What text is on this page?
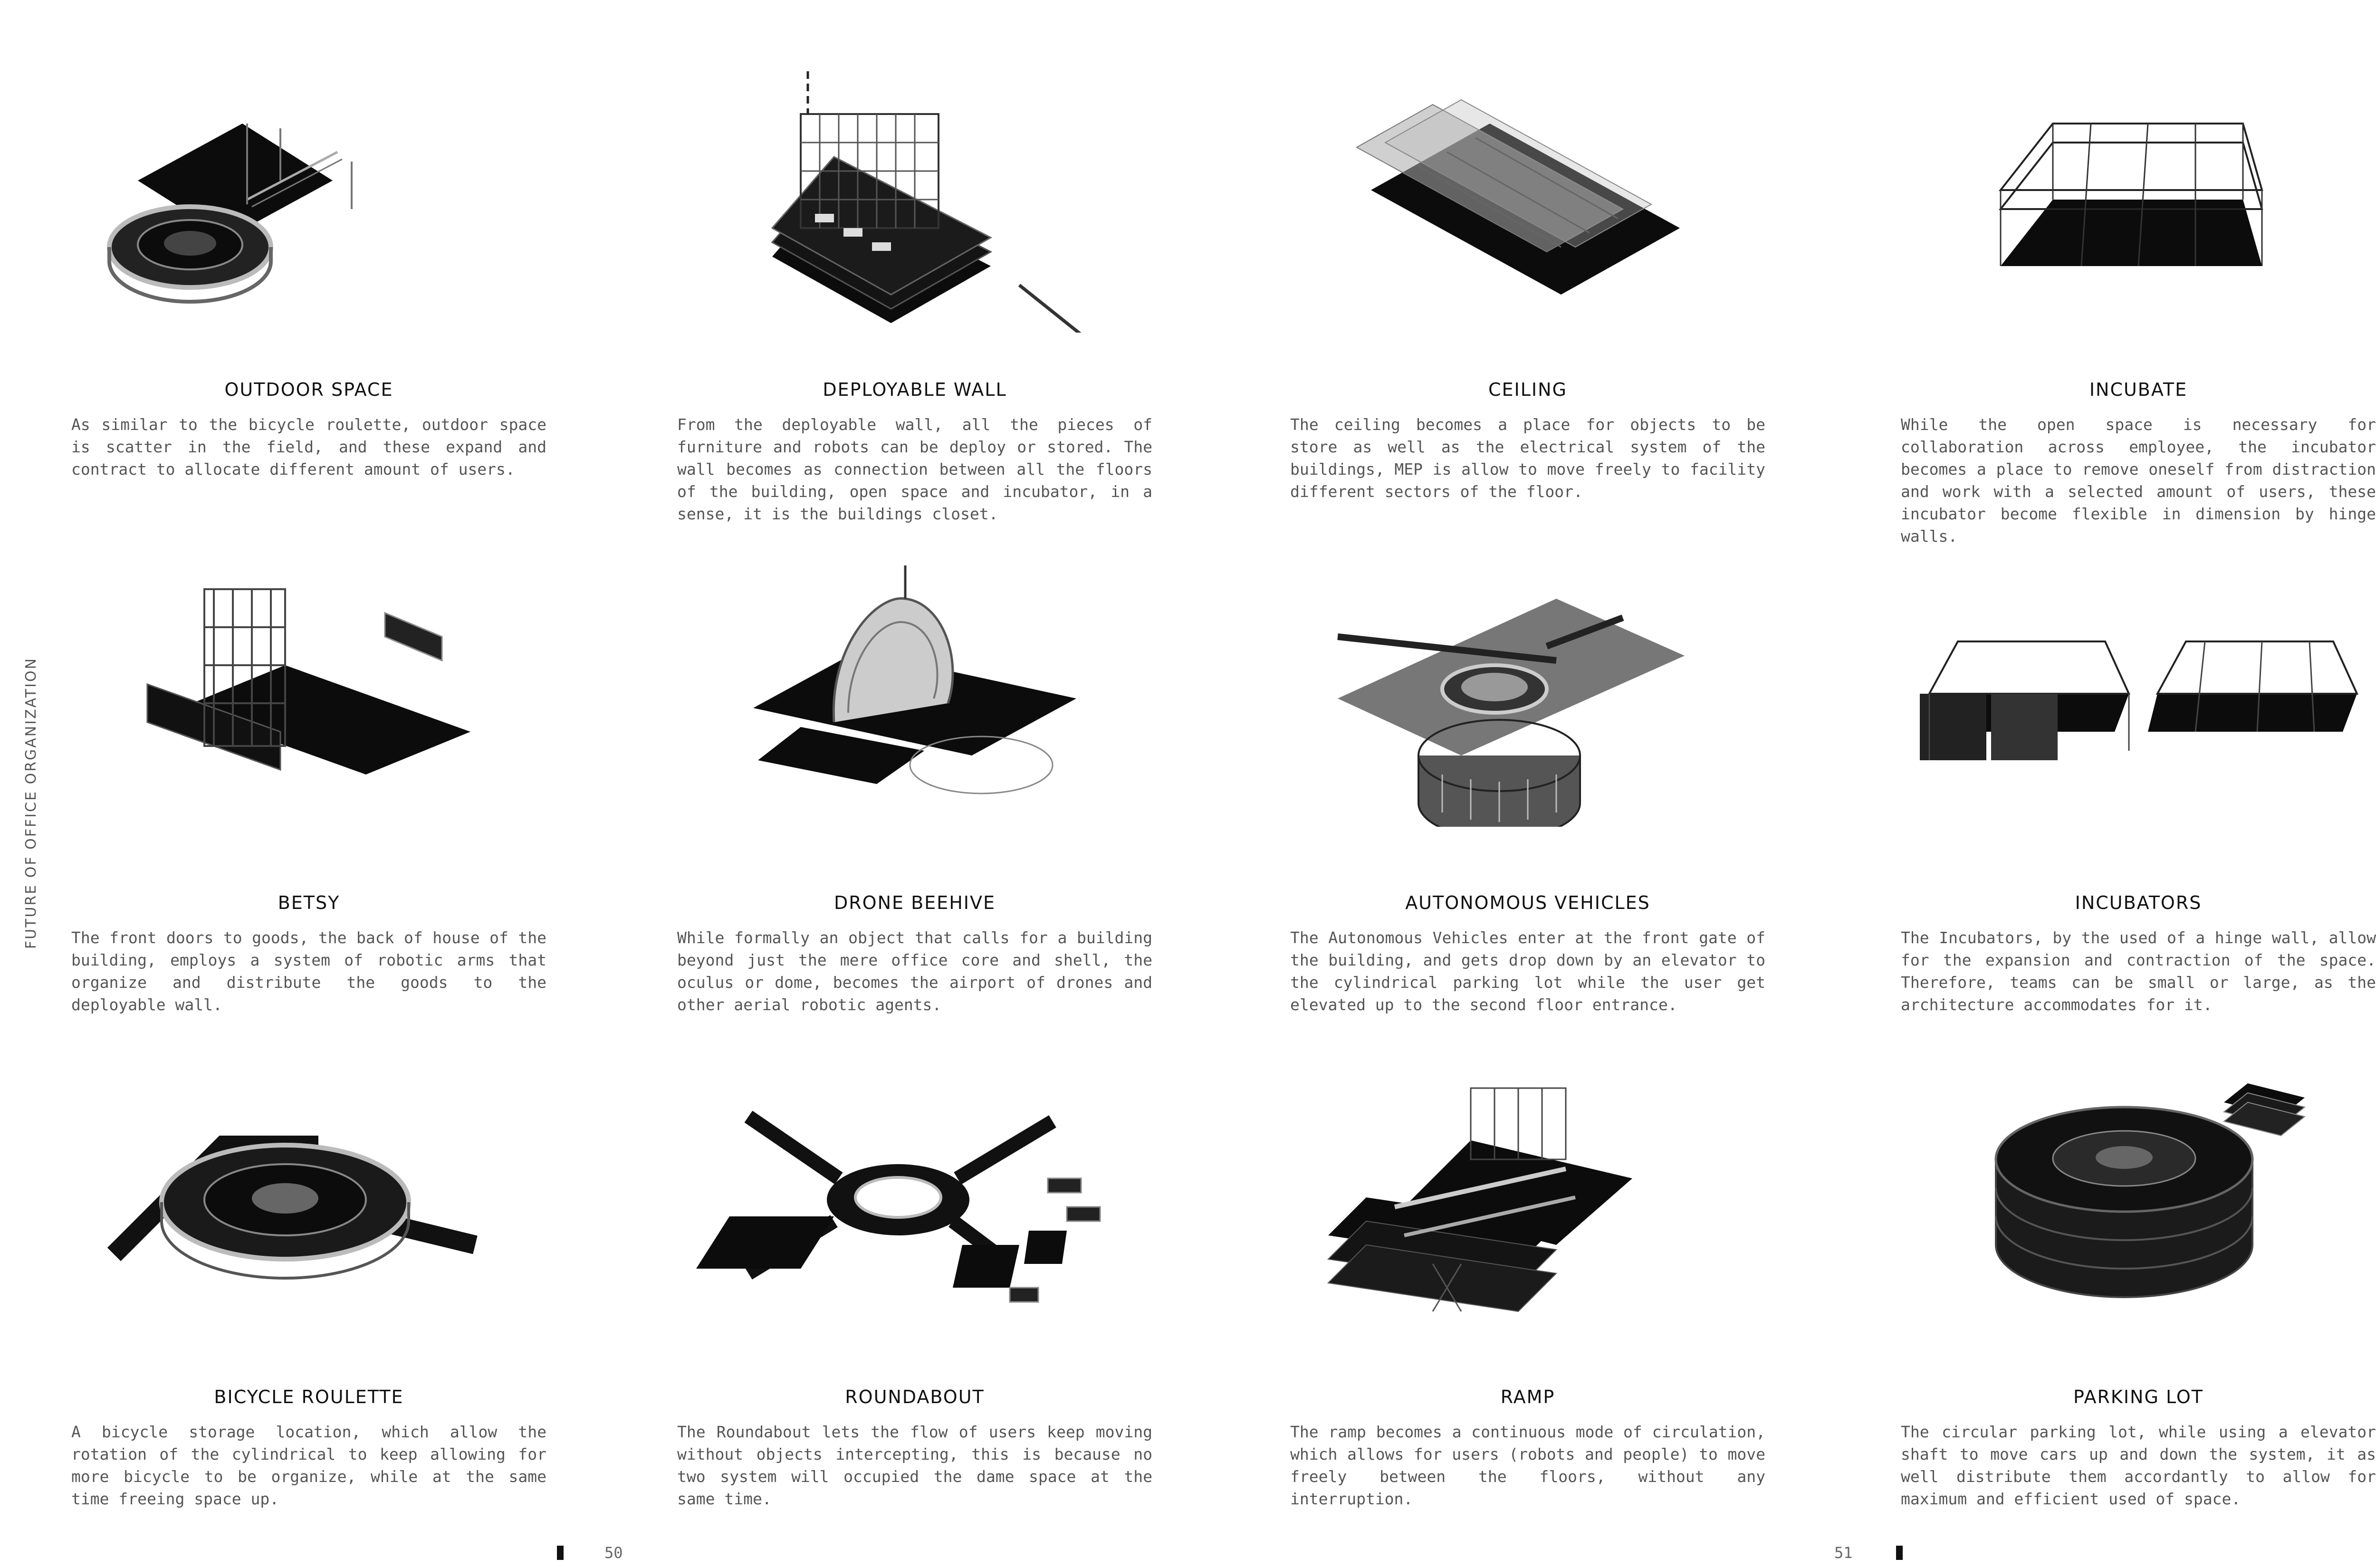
FUTURE OF OFFICE ORGANIZATION
OUTDOOR SPACE

As similar to the bicycle roulette, outdoor space is scatter in the field, and these expand and contract to allocate different amount of users.

DEPLOYABLE WALL

From the deployable wall, all the pieces of furniture and robots can be deploy or stored. The wall becomes as connection between all the floors of the building, open space and incubator, in a sense, it is the buildings closet.

CEILING

The ceiling becomes a place for objects to be store as well as the electrical system of the buildings, MEP is allow to move freely to facility different sectors of the floor.

INCUBATE

While the open space is necessary for collaboration across employee, the incubator becomes a place to remove oneself from distraction and work with a selected amount of users, these incubator become flexible in dimension by hinge walls.

BETSY

The front doors to goods, the back of house of the building, employs a system of robotic arms that organize and distribute the goods to the deployable wall.

DRONE BEEHIVE

While formally an object that calls for a building beyond just the mere office core and shell, the oculus or dome, becomes the airport of drones and other aerial robotic agents.

AUTONOMOUS VEHICLES

The Autonomous Vehicles enter at the front gate of the building, and gets drop down by an elevator to the cylindrical parking lot while the user get elevated up to the second floor entrance.

INCUBATORS

The Incubators, by the used of a hinge wall, allow for the expansion and contraction of the space. Therefore, teams can be small or large, as the architecture accommodates for it.

BICYCLE ROULETTE

A bicycle storage location, which allow the rotation of the cylindrical to keep allowing for more bicycle to be organize, while at the same time freeing space up.

ROUNDABOUT

The Roundabout lets the flow of users keep moving without objects intercepting, this is because no two system will occupied the dame space at the same time.

RAMP

The ramp becomes a continuous mode of circulation, which allows for users (robots and people) to move freely between the floors, without any interruption.

PARKING LOT

The circular parking lot, while using a elevator shaft to move cars up and down the system, it as well distribute them accordantly to allow for maximum and efficient used of space.

50	51
